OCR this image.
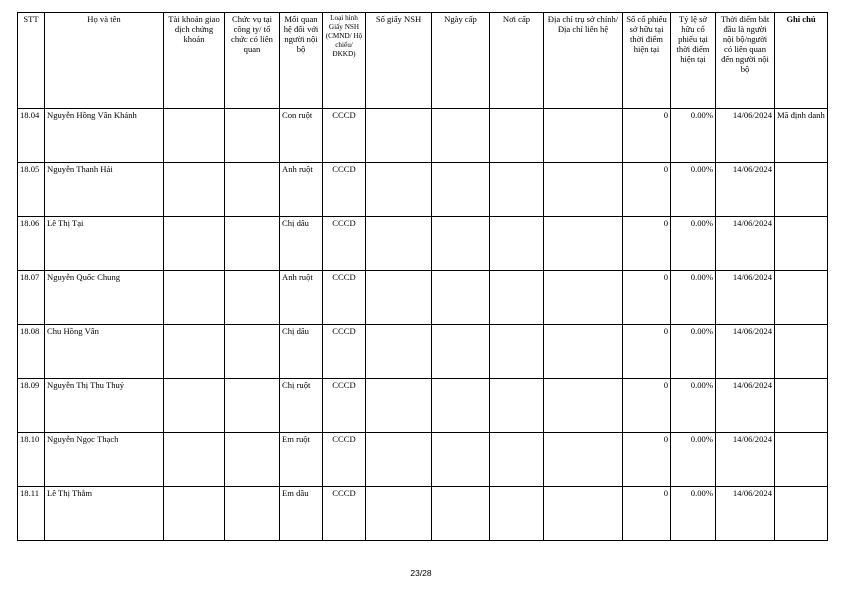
STT	Họ và tên	Tài khoản giao dịch chứng khoán	Chức vụ tại công ty/ tổ chức có liên quan	Mối quan hệ đối với người nội bộ	Loại hình Giấy NSH (CMND/ Hộ chiếu/ ĐKKD)	Số giấy NSH	Ngày cấp	Nơi cấp	Địa chỉ trụ sở chính/Địa chỉ liên hệ	Số cổ phiếu sở hữu tại thời điểm hiện tại	Tỷ lệ sở hữu cổ phiếu tại thời điểm hiện tại	Thời điểm bắt đầu là người nội bộ/người có liên quan đến người nội bộ	Ghi chú
18.04	Nguyễn Hồng Vân Khánh			Con ruột	CCCD					0	0.00%	14/06/2024	Mã định danh
18.05	Nguyễn Thanh Hải			Anh ruột	CCCD					0	0.00%	14/06/2024	
18.06	Lê Thị Tại			Chị dâu	CCCD					0	0.00%	14/06/2024	
18.07	Nguyễn Quốc Chung			Anh ruột	CCCD					0	0.00%	14/06/2024	
18.08	Chu Hồng Vân			Chị dâu	CCCD					0	0.00%	14/06/2024	
18.09	Nguyễn Thị Thu Thuý			Chị ruột	CCCD					0	0.00%	14/06/2024	
18.10	Nguyễn Ngọc Thạch			Em ruột	CCCD					0	0.00%	14/06/2024	
18.11	Lê Thị Thắm			Em dâu	CCCD					0	0.00%	14/06/2024	
23/28
